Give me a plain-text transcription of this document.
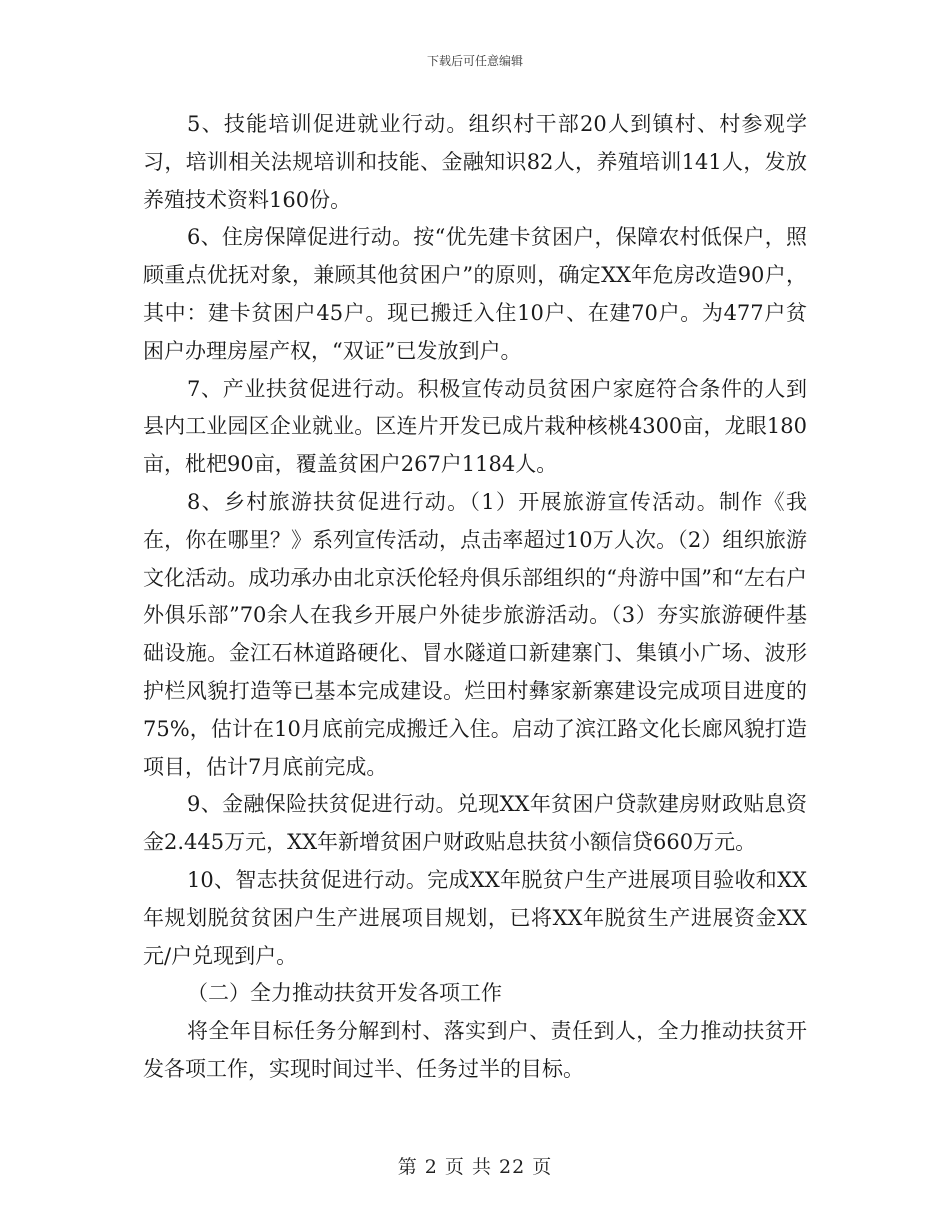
下载后可任意编辑

5、技能培训促进就业行动。组织村干部20人到镇村、村参观学习，培训相关法规培训和技能、金融知识82人，养殖培训141人，发放养殖技术资料160份。

6、住房保障促进行动。按“优先建卡贫困户，保障农村低保户，照顾重点优抚对象，兼顾其他贫困户”的原则，确定XX年危房改造90户，其中：建卡贫困户45户。现已搬迁入住10户、在建70户。为477户贫困户办理房屋产权，“双证”已发放到户。

7、产业扶贫促进行动。积极宣传动员贫困户家庭符合条件的人到县内工业园区企业就业。区连片开发已成片栽种核桃4300亩，龙眼180亩，枇杷90亩，覆盖贫困户267户1184人。

8、乡村旅游扶贫促进行动。（1）开展旅游宣传活动。制作《我在，你在哪里？》系列宣传活动，点击率超过10万人次。（2）组织旅游文化活动。成功承办由北京沃伦轻舟俱乐部组织的“舟游中国”和“左右户外俱乐部”70余人在我乡开展户外徒步旅游活动。（3）夯实旅游硬件基础设施。金江石林道路硬化、冒水隧道口新建寨门、集镇小广场、波形护栏风貌打造等已基本完成建设。烂田村彝家新寨建设完成项目进度的75%，估计在10月底前完成搬迁入住。启动了滨江路文化长廊风貌打造项目，估计7月底前完成。

9、金融保险扶贫促进行动。兑现XX年贫困户贷款建房财政贴息资金2.445万元，XX年新增贫困户财政贴息扶贫小额信贷660万元。

10、智志扶贫促进行动。完成XX年脱贫户生产进展项目验收和XX年规划脱贫贫困户生产进展项目规划，已将XX年脱贫生产进展资金XX元/户兑现到户。

（二）全力推动扶贫开发各项工作

将全年目标任务分解到村、落实到户、责任到人，全力推动扶贫开发各项工作，实现时间过半、任务过半的目标。

第 2 页 共 22 页
